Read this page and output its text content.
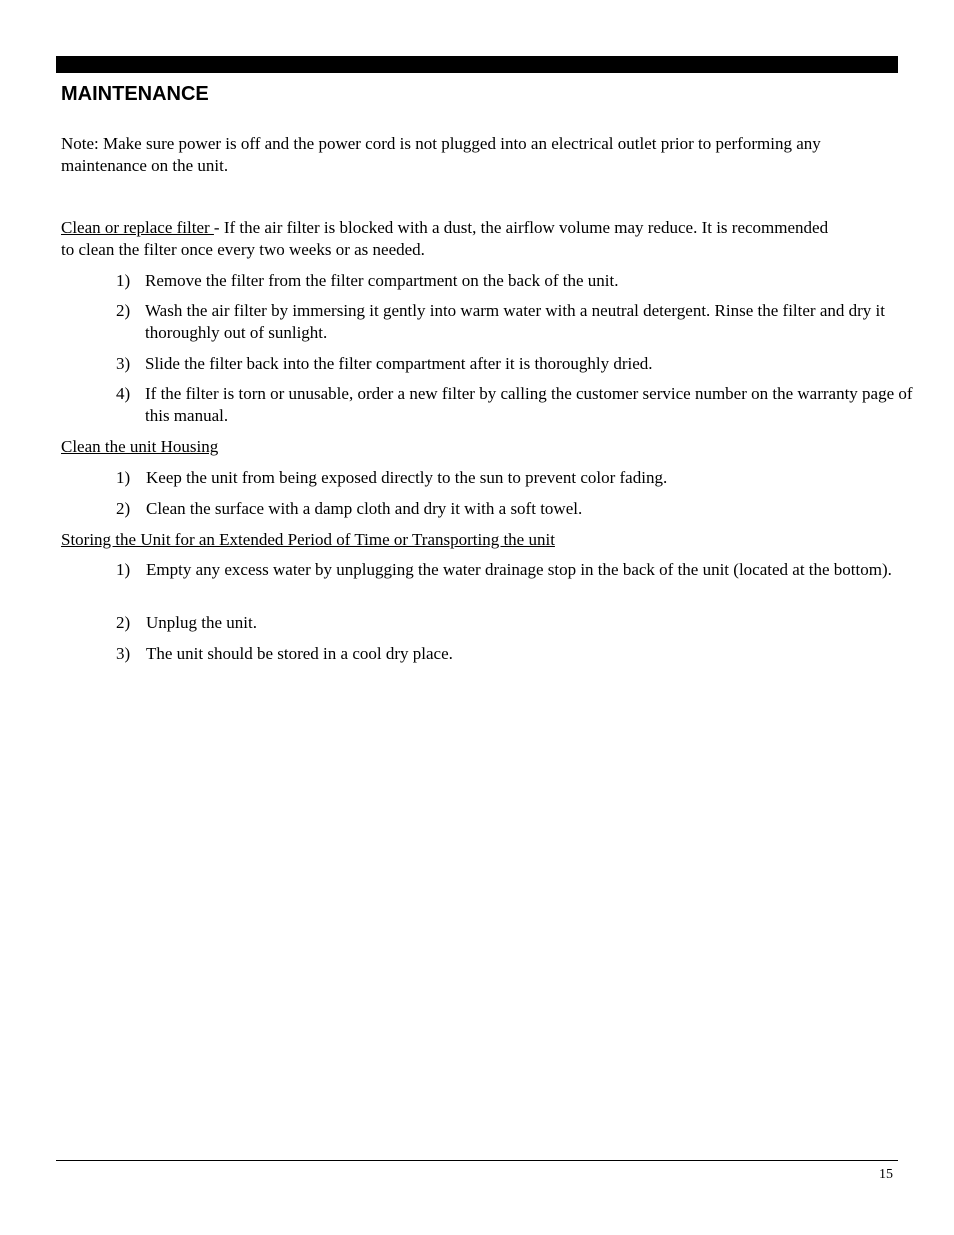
MAINTENANCE

Note: Make sure power is off and the power cord is not plugged into an electrical outlet prior to performing any maintenance on the unit.

Clean or replace filter - If the air filter is blocked with a dust, the airflow volume may reduce. It is recommended to clean the filter once every two weeks or as needed.

1) Remove the filter from the filter compartment on the back of the unit.

2) Wash the air filter by immersing it gently into warm water with a neutral detergent. Rinse the filter and dry it thoroughly out of sunlight.

3) Slide the filter back into the filter compartment after it is thoroughly dried.

4) If the filter is torn or unusable, order a new filter by calling the customer service number on the warranty page of this manual.

Clean the unit Housing

1) Keep the unit from being exposed directly to the sun to prevent color fading.

2) Clean the surface with a damp cloth and dry it with a soft towel.

Storing the Unit for an Extended Period of Time or Transporting the unit

1) Empty any excess water by unplugging the water drainage stop in the back of the unit (located at the bottom).

2) Unplug the unit.

3) The unit should be stored in a cool dry place.

15
